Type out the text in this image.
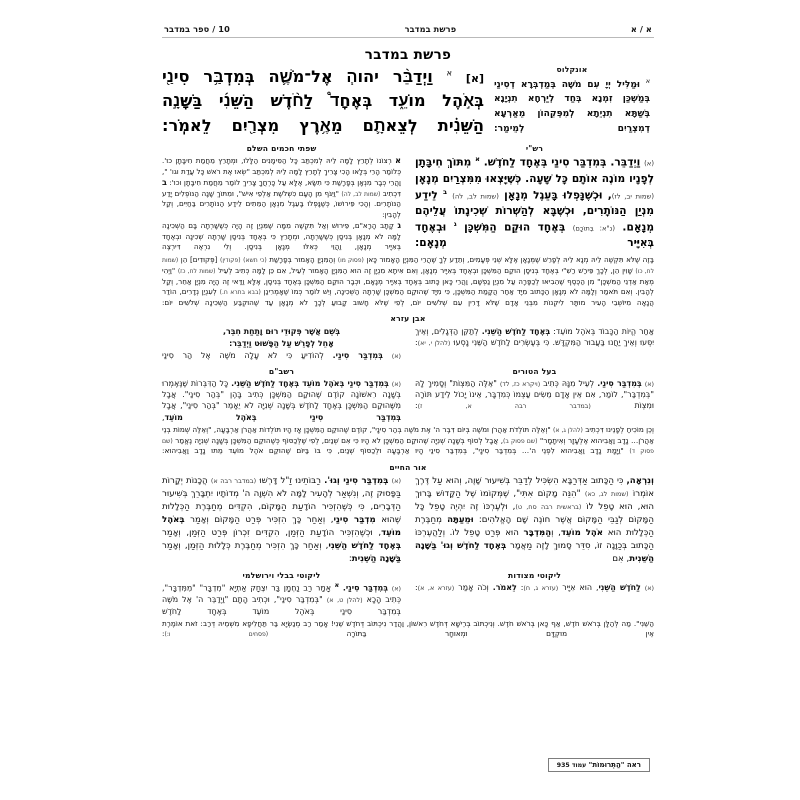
א / א
פרשת במדבר
10 / ספר במדבר
פרשת במדבר
[א] $^א$ וַיְדַבֵּ֨ר יהוה֧ אֶל־מֹשֶׁ֛ה בְּמִדְבַּ֥ר סִינַ֖י בְּאֹ֣הֶל מוֹעֵ֑ד בְּאֶחָד֩ לַחֹ֨דֶשׁ הַשֵּׁנִ֜י בַּשָּׁנָ֣ה הַשֵּׁנִ֗ית לְצֵאתָ֛ם מֵאֶ֥רֶץ מִצְרַ֖יִם לֵאמֹֽר:
אונקלוס
$^א$ וּמַלִּיל יְיָ עִם מֹשֶׁה בְּמַדְבְּרָא דְסִינַי בְּמַשְׁכַּן זִמְנָא בְּחַד לְיַרְחָא תִנְיָנָא בְּשַׁתָּא תִנְיֵתָא לְמִפְּקֵהוֹן מֵאַרְעָא דְמִצְרַיִם לְמֵימַר:
שפתי חכמים השלם	רש"י
א רְצוֹנוֹ לְתָרֵץ לָמָּה לֵיהּ לְמִכְתַּב כָּל הַסִּימָנִים הַלָּלוּ, וּמְתָרֵץ מֵחֲמַת חִיבָּתָן כוּ'. כְּלוֹמַר הָרֵי בְּלָאו הָכִי צָרִיךְ לְתָרֵץ לָמָּה לֵיהּ לְמִכְתַּב "שְׂאוּ אֶת רֹאשׁ כָּל עֲדַת וגו' ", וַהֲרֵי כְּבָר מִנְאָן בְּפָרָשַׁת כִּי תִשָּׂא, אֶלָּא עַל כָּרְחֲךָ צָרִיךְ לוֹמַר מֵחֲמַת חִיבָּתָן וכוּ': ב דִּכְתִיב (שמות לב, לה) "וַיִּגֹּף מִן הָעָם כִּשְׁלֹשֶׁת אַלְפֵי אִישׁ", וּמִתּוֹךְ שָׁנָה הַנּוֹפְלִים יָדַע הַנּוֹתָרִים. וְהָכִי פֵּירוּשׁוֹ, כְּשֶׁנָּפְלוּ בָּעֵגֶל מִנְאָן הַמֵּתִים לֵידַע הַנּוֹתָרִים בַּחַיִּים, וְקַל לְהָבִין:
ג קָתָב הָרָא"ם, פֵּירוּשׁ וְאַל תִּקְשֶׁה מִמָּה שֶׁמִּנְיַן זֶה הָיָה כְּשֶׁשָּׁרְתָה בָּם הַשְּׁכִינָה לָמָּה לֹא מְנָאָן בְּנִיסָן כְּשֶׁשָּׁרְתָה, וּמְתָרֵץ כִּי בְּאֶחָד בְּנִיסָן שָׁרְתָה שְׁכִינָה וּבְאֶחָד בְּאִיָּיר מְנָאָן, וַהֲוֵי כְּאִלּוּ מְנָאָן בְּנִיסָן. וְלִי נִרְאֶה דִּירְצֶה
(א) וַיְדַבֵּר. בְּמִדְבַּר סִינַי בְּאֶחָד לַחֹדֶשׁ. $^א$ מִתּוֹךְ חִיבָּתָן לְפָנָיו מוֹנֶה אוֹתָם כָּל שָׁעָה. כְּשֶׁיָּצְאוּ מִמִּצְרַיִם מְנָאָן (שמות יב, לז), וּכְשֶׁנָּפְלוּ בָּעֵגֶל מְנָאָן (שמות לב, לה) $^ב$ לֵידַע מִנְיַן הַנּוֹתָרִים, וּכְשֶׁבָּא לְהַשְׁרוֹת שְׁכִינָתוֹ עֲלֵיהֶם מְנָאָם. (נ"א: בְּתוֹכָם) בְּאֶחָד הוּקַם הַמִּשְׁכָּן $^ג$ וּבְאֶחָד בְּאִיָּיר מְנָאָם:
בָּזֶה שֶׁלֹּא תִּקְשֶׁה לֵיהּ מְנָא לֵיהּ לְפָרֵשׁ שֶׁמְּנָאָן אֶלָּא שְׁנֵי פְּעָמִים, וְתֵדַע לְךָ שֶׁהֲרֵי הַמִּנְיָן הָאָמוּר כָּאן (פסוק מו) וְהַמִּנְיָן הָאָמוּר בְּפָרָשַׁת (כי תשא) (פקודין) [פְּקוּדִים] הֵן (שמות לח, כו) שָׁוִין הֵן, לְכָךְ פֵּירַשׁ רַשִׁ"י בְּאֶחָד בְּנִיסָן הוּקַם הַמִּשְׁכָּן וּבְאֶחָד בְּאִיָּיר מְנָאָן, וְאִם אִיתָא מִנְיָן זֶה הוּא הַמִּנְיָן הָאָמוּר לְעֵיל, אִם כֵּן לָמָּה כְּתִיב לְעֵיל (שמות לח, כז) "וַיְהִי מְאַת אַדְנֵי הַמִּשְׁכָּן" מִן הַכֶּסֶף שֶׁהֵבִיאוּ לְכַפָּרָה עַל מִנְיַן נַפְשָׁם, וַהֲרֵי כָּאן כָּתוּב בְּאֶחָד בְּאִיָּיר מְנָאָם, וּכְבָר הוּקַם הַמִּשְׁכָּן בְּאֶחָד בְּנִיסָן, אֶלָּא וַדַּאי זֶה הָיָה מִנְיָן אַחֵר, וְקַל לְהָבִין. וְאִם תֹּאמַר וְלָמָּה לֹא מְנָאָן הַכָּתוּב מִיָּד אַחַר הֲקָמַת הַמִּשְׁכָּן, כִּי מִיָּד שֶׁהוּקַם הַמִּשְׁכָּן שָׁרְתָה הַשְּׁכִינָה, וְיֵשׁ לוֹמַר כְּמוֹ שֶׁאָמְרִינַן (בבא בתרא ח.) לְעִנְיַן נְדָרִים, הוֹדַר הֲנָאָה מִיּוֹשְׁבֵי הָעִיר מוּתָּר לִיקְנוֹת מִבְּנֵי אָדָם שֶׁלֹּא דָּרִין עִם שְׁלֹשִׁים יוֹם, לְפִי שֶׁלֹּא חָשׁוּב קָבוּעַ לְכָךְ לֹא מְנָאָן עַד שֶׁהוּקְבַּע הַשְּׁכִינָה שְׁלֹשִׁים יוֹם:
אבן עזרא
בְּשֵׁם אֲשֶׁר פְּקוּדֵי רוּם וָתַחַת חִבֵּר,
אָחֵל לְפָרֵשׁ עַל הַפָּשׁוּט וַיְדַבֵּר:
(א) בְּמִדְבַּר סִינַי. לְהוֹדִיעַ כִּי לֹא עָלָה מֹשֶׁה אֶל הַר סִינַי
אַחַר הֱיוֹת הַכָּבוֹד בְּאֹהֶל מוֹעֵד: בְּאֶחָד לַחֹדֶשׁ הַשֵּׁנִי. לְתַקֵּן הַדְּגָלִים, וְאֵיךְ יִסְּעוּ וְאֵיךְ יַחֲנוּ בַּעֲבוּר הַמִּקְדָּשׁ. כִּי בְּעֶשְׂרִים לַחֹדֶשׁ הַשֵּׁנִי נָסְעוּ (להלן י, יא):
רשב"ם	בעל הטורים
(א) בְּמִדְבַּר סִינַי בְּאֹהֶל מוֹעֵד בְּאֶחָד לַחֹדֶשׁ הַשֵּׁנִי. כָּל הַדִּבְּרוֹת שֶׁנֶּאֶמְרוּ בְּשָׁנָה רִאשׁוֹנָה קוֹדֶם שֶׁהוּקַם הַמִּשְׁכָּן כְּתִיב בָּהֶן "בְּהַר סִינַי". אֲבָל מִשֶּׁהוּקַם הַמִּשְׁכָּן בְּאֶחָד לַחֹדֶשׁ בְּשָׁנָה שְׁנִיָּה לֹא יֵאָמֵר "בְּהַר סִינַי", אֲבָל בְּמִדְבַּר סִינַי בְּאֹהֶל מוֹעֵד,
(א) בְּמִדְבַּר סִינַי. לְעֵיל מִנָּהּ כְּתִיב (ויקרא כז, לד) "אֵלֶּה הַמִּצְוֹת" וְסָמִיךְ לָהּ "בְּמִדְבַּר", לוֹמַר, אִם אֵין אָדָם מֵשִׂים עַצְמוֹ כְּמִדְבָּר, אֵינוֹ יָכוֹל לֵידַע תּוֹרָה וּמִצְוֹת (במדבר רבה א, ז):
וְכֵן מוֹכִיחַ לְפָנֵינוּ דִּכְתִיב (להלן ג, א) "וְאֵלֶּה תּוֹלְדֹת אַהֲרֹן וּמֹשֶׁה בְּיוֹם דִּבֶּר ה' אֶת מֹשֶׁה בְּהַר סִינָי", קוֹדֶם שֶׁהוּקַם הַמִּשְׁכָּן אָז הָיוּ תּוֹלְדוֹת אַהֲרֹן אַרְבָּעָה, "וְאֵלֶּה שְׁמוֹת בְּנֵי אַהֲרֹן… נָדָב וַאֲבִיהוּא אֶלְעָזָר וְאִיתָמָר" (שם פסוק ב), אֲבָל לְסוֹף בְּשָׁנָה שְׁנִיָּה שֶׁהוּקַם הַמִּשְׁכָּן לֹא הָיוּ כִּי אִם שְׁנַיִם, לְפִי שֶׁלְּכַסּוֹף כְּשֶׁהוּקַם הַמִּשְׁכָּן בְּשָׁנָה שְׁנִיָּה נֶאֱמַר (שם פסוק ד) "וַיָּמָת נָדָב וַאֲבִיהוּא לִפְנֵי ה'… בְּמִדְבַּר סִינָי", בְּמִדְבַּר סִינַי הָיוּ אַרְבָּעָה וּלְכַסּוֹף שְׁנַיִם, כִּי בּוֹ בַּיּוֹם שֶׁהוּקַם אֹהֶל מוֹעֵד מֵתוּ נָדָב וַאֲבִיהוּא:
אור החיים
(א) בְּמִדְבַּר סִינַי וְגוּ'. רַבּוֹתֵינוּ זַ"ל דָּרְשׁוּ (במדבר רבה א) הֲכָנוֹת יְקָרוֹת בַּפָּסוּק זֶה, וְנִשְׁאַר לְהָעִיר לָמָּה לֹא הִשְׁוָה ה' מְדוֹתָיו יִתְבָּרֵךְ בְּשִׁיעוּר הַדְּבָרִים, כִּי כְּשֶׁהִזְכִּיר הוֹדָעַת הַמָּקוֹם, הִקְדִּים מְחַבֶּרֶת הַכְּלָלוּת שֶׁהוּא מִדְבַּר סִינַי, וְאַחַר כָּךְ הִזְכִּיר פְּרַט הַמָּקוֹם וְאָמַר בְּאֹהֶל מוֹעֵד, וּכְשֶׁהִזְכִּיר הוֹדָעַת הַזְּמַן, הִקְדִּים זִכְרוֹן פְּרַט הַזְּמַן, וְאָמַר בְּאֶחָד לַחֹדֶשׁ הַשֵּׁנִי, וְאַחַר כָּךְ הִזְכִּיר מְחַבֶּרֶת כְּלָלוּת הַזְּמַן, וְאָמַר בַּשָּׁנָה הַשֵּׁנִית:
וְנִרְאָה, כִּי הַכָּתוּב אַדְּרַבָּא הִשְׂכִּיל לְדַבֵּר בְּשִׁיעוּר שָׁוֶה, וְהוּא עַל דֶּרֶךְ אוֹמְרוֹ (שמות לג, כא) "הִנֵּה מָקוֹם אִתִּי", שֶׁמְּקוֹמוֹ שֶׁל הַקָּדוֹשׁ בָּרוּךְ הוּא, הוּא טָפֵל לוֹ (בראשית רבה סח, ט), וּלְעֶרְכּוֹ זֶה יִהְיֶה טָפֵל כָּל הַמָּקוֹם לְגַבֵּי הַמָּקוֹם אֲשֶׁר חוֹנֶה שָׁם הָאֱלֹהִים: וּמֵעַתָּה מְחַבֶּרֶת הַכְּלָלוּת הוּא אֹהֶל מוֹעֵד, וְהַמִּדְבָּר הוּא פְּרַט טָפֵל לוֹ. וְלַהֲעֶרְכּוֹ הַכָּתוּב בְּכַוָּנָה זוֹ, סִדֵּר סָמוּךְ לָזֶה מַאֲמָר בְּאֶחָד לַחֹדֶשׁ וְגוּ' בַּשָּׁנָה הַשֵּׁנִית, אִם
ליקוטי בבלי וירושלמי	ליקוטי מצודות
(א) בְּמִדְבַּר סִינַי. $^א$ אָמַר רַב נַחְמָן בַּר יִצְחָק אַתְיָא "מִדְבָּר" "מִמִּדְבָּר", כְּתִיב הָכָא (להלן ט, א) "בְּמִדְבַּר סִינַי", וּכְתִיב הָתָם "וַיְדַבֵּר ה' אֶל מֹשֶׁה בְּמִדְבַּר סִינַי בְּאֹהֶל מוֹעֵד בְּאֶחָד לַחֹדֶשׁ
(א) לַחֹדֶשׁ הַשֵּׁנִי, הוּא אִיָּיר (עזרא ג, ח): לֵאמֹר. וְכֹה אָמַר (עזרא א, א):
הַשֵּׁנִי". מַה לְּהַלָּן בְּרֹאשׁ חֹדֶשׁ, אַף כָּאן בְּרֹאשׁ חֹדֶשׁ. וְנִיכְתּוֹב בְּרֵישָׁא דְּחֹדֶשׁ רִאשׁוֹן, וַהֲדַר נִיכְתּוֹב דְּחֹדֶשׁ שֵׁנִי! אָמַר רַב מְנַשְּׂיָא בַּר תַּחֲלִיפָא מִשְּׁמֵיהּ דְּרַב: זֹאת אוֹמֶרֶת אֵין מוּקְדָּם וּמְאוּחָר בַּתּוֹרָה (פסחים ו:):
ראה "הַתְּרוּמוֹת" עמוד 935
